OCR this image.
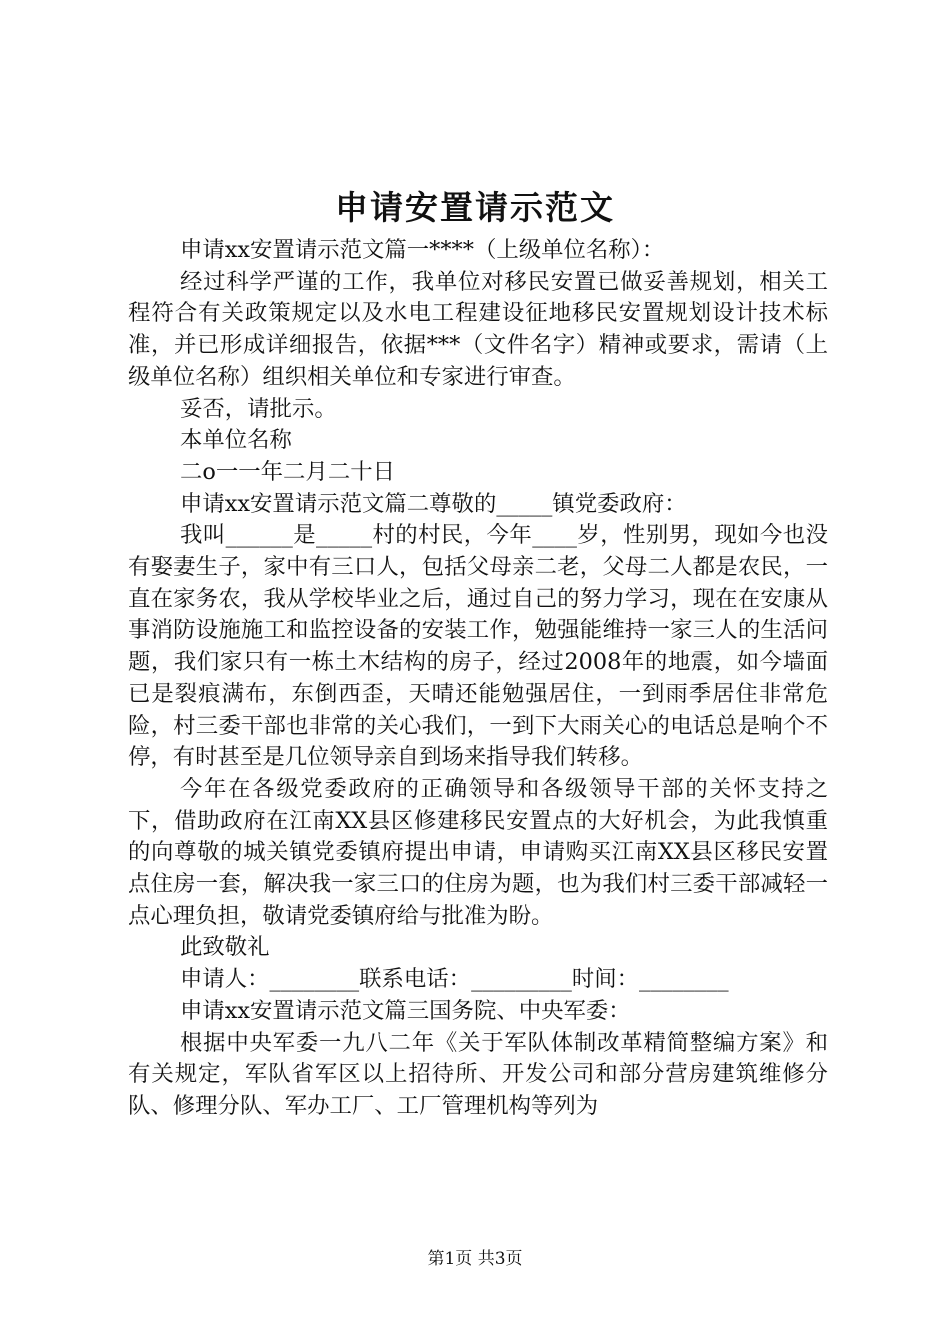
申请安置请示范文

申请xx安置请示范文篇一****（上级单位名称）：

经过科学严谨的工作，我单位对移民安置已做妥善规划，相关工程符合有关政策规定以及水电工程建设征地移民安置规划设计技术标准，并已形成详细报告，依据***（文件名字）精神或要求，需请（上级单位名称）组织相关单位和专家进行审查。

妥否，请批示。

本单位名称

二o一一年二月二十日

申请xx安置请示范文篇二尊敬的_____镇党委政府：

我叫______是_____村的村民，今年____岁，性别男，现如今也没有娶妻生子，家中有三口人，包括父母亲二老，父母二人都是农民，一直在家务农，我从学校毕业之后，通过自己的努力学习，现在在安康从事消防设施施工和监控设备的安装工作，勉强能维持一家三人的生活问题，我们家只有一栋土木结构的房子，经过2008年的地震，如今墙面已是裂痕满布，东倒西歪，天晴还能勉强居住，一到雨季居住非常危险，村三委干部也非常的关心我们，一到下大雨关心的电话总是响个不停，有时甚至是几位领导亲自到场来指导我们转移。

今年在各级党委政府的正确领导和各级领导干部的关怀支持之下，借助政府在江南XX县区修建移民安置点的大好机会，为此我慎重的向尊敬的城关镇党委镇府提出申请，申请购买江南XX县区移民安置点住房一套，解决我一家三口的住房为题，也为我们村三委干部减轻一点心理负担，敬请党委镇府给与批准为盼。

此致敬礼

申请人：________联系电话：_________时间：________

申请xx安置请示范文篇三国务院、中央军委：

根据中央军委一九八二年《关于军队体制改革精简整编方案》和有关规定，军队省军区以上招待所、开发公司和部分营房建筑维修分队、修理分队、军办工厂、工厂管理机构等列为

第1页 共3页
